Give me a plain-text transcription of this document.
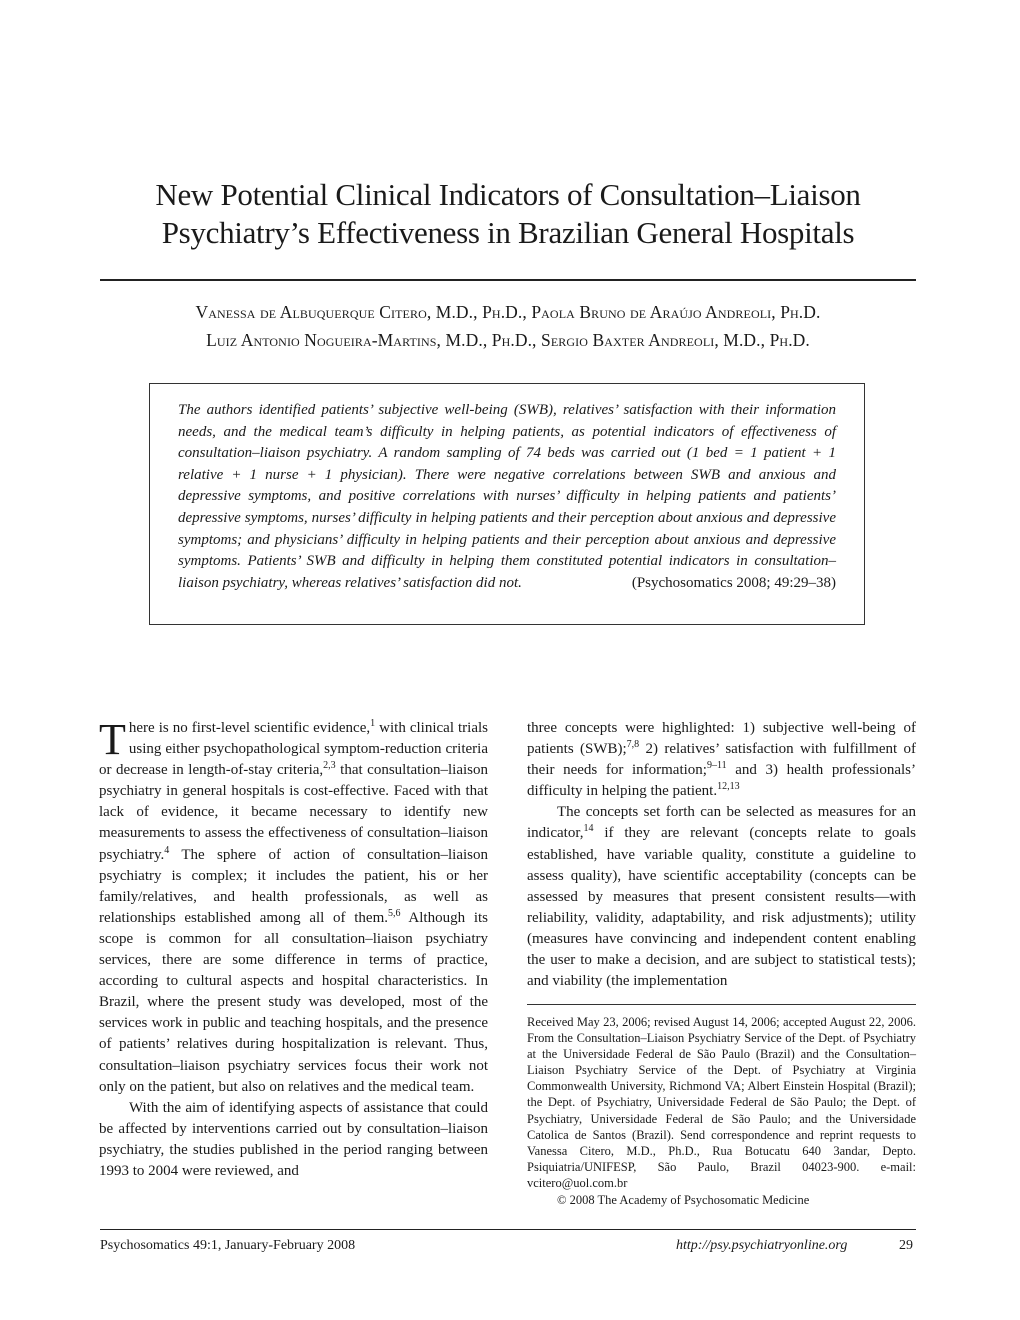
New Potential Clinical Indicators of Consultation–Liaison
Psychiatry’s Effectiveness in Brazilian General Hospitals
Vanessa de Albuquerque Citero, M.D., Ph.D., Paola Bruno de Araújo Andreoli, Ph.D.
Luiz Antonio Nogueira-Martins, M.D., Ph.D., Sergio Baxter Andreoli, M.D., Ph.D.

The authors identified patients’ subjective well-being (SWB), relatives’ satisfaction with their information needs, and the medical team’s difficulty in helping patients, as potential indicators of effectiveness of consultation–liaison psychiatry. A random sampling of 74 beds was carried out (1 bed = 1 patient + 1 relative + 1 nurse + 1 physician). There were negative correlations between SWB and anxious and depressive symptoms, and positive correlations with nurses’ difficulty in helping patients and patients’ depressive symptoms, nurses’ difficulty in helping patients and their perception about anxious and depressive symptoms; and physicians’ difficulty in helping patients and their perception about anxious and depressive symptoms. Patients’ SWB and difficulty in helping them constituted potential indicators in consultation–liaison psychiatry, whereas relatives’ satisfaction did not.	(Psychosomatics 2008; 49:29–38)

There is no first-level scientific evidence,$^1$ with clinical trials using either psychopathological symptom-reduction criteria or decrease in length-of-stay criteria,$^{2,3}$ that consultation–liaison psychiatry in general hospitals is cost-effective. Faced with that lack of evidence, it became necessary to identify new measurements to assess the effectiveness of consultation–liaison psychiatry.$^4$ The sphere of action of consultation–liaison psychiatry is complex; it includes the patient, his or her family/relatives, and health professionals, as well as relationships established among all of them.$^{5,6}$ Although its scope is common for all consultation–liaison psychiatry services, there are some difference in terms of practice, according to cultural aspects and hospital characteristics. In Brazil, where the present study was developed, most of the services work in public and teaching hospitals, and the presence of patients’ relatives during hospitalization is relevant. Thus, consultation–liaison psychiatry services focus their work not only on the patient, but also on relatives and the medical team.

With the aim of identifying aspects of assistance that could be affected by interventions carried out by consultation–liaison psychiatry, the studies published in the period ranging between 1993 to 2004 were reviewed, and

three concepts were highlighted: 1) subjective well-being of patients (SWB);$^{7,8}$ 2) relatives’ satisfaction with fulfillment of their needs for information;$^{9-11}$ and 3) health professionals’ difficulty in helping the patient.$^{12,13}$

The concepts set forth can be selected as measures for an indicator,$^{14}$ if they are relevant (concepts relate to goals established, have variable quality, constitute a guideline to assess quality), have scientific acceptability (concepts can be assessed by measures that present consistent results—with reliability, validity, adaptability, and risk adjustments); utility (measures have convincing and independent content enabling the user to make a decision, and are subject to statistical tests); and viability (the implementation

Received May 23, 2006; revised August 14, 2006; accepted August 22, 2006. From the Consultation–Liaison Psychiatry Service of the Dept. of Psychiatry at the Universidade Federal de São Paulo (Brazil) and the Consultation–Liaison Psychiatry Service of the Dept. of Psychiatry at Virginia Commonwealth University, Richmond VA; Albert Einstein Hospital (Brazil); the Dept. of Psychiatry, Universidade Federal de São Paulo; the Dept. of Psychiatry, Universidade Federal de São Paulo; and the Universidade Catolica de Santos (Brazil). Send correspondence and reprint requests to Vanessa Citero, M.D., Ph.D., Rua Botucatu 640 3andar, Depto. Psiquiatria/UNIFESP, São Paulo, Brazil 04023-900. e-mail: vcitero@uol.com.br

© 2008 The Academy of Psychosomatic Medicine

Psychosomatics 49:1, January-February 2008	http://psy.psychiatryonline.org	29
